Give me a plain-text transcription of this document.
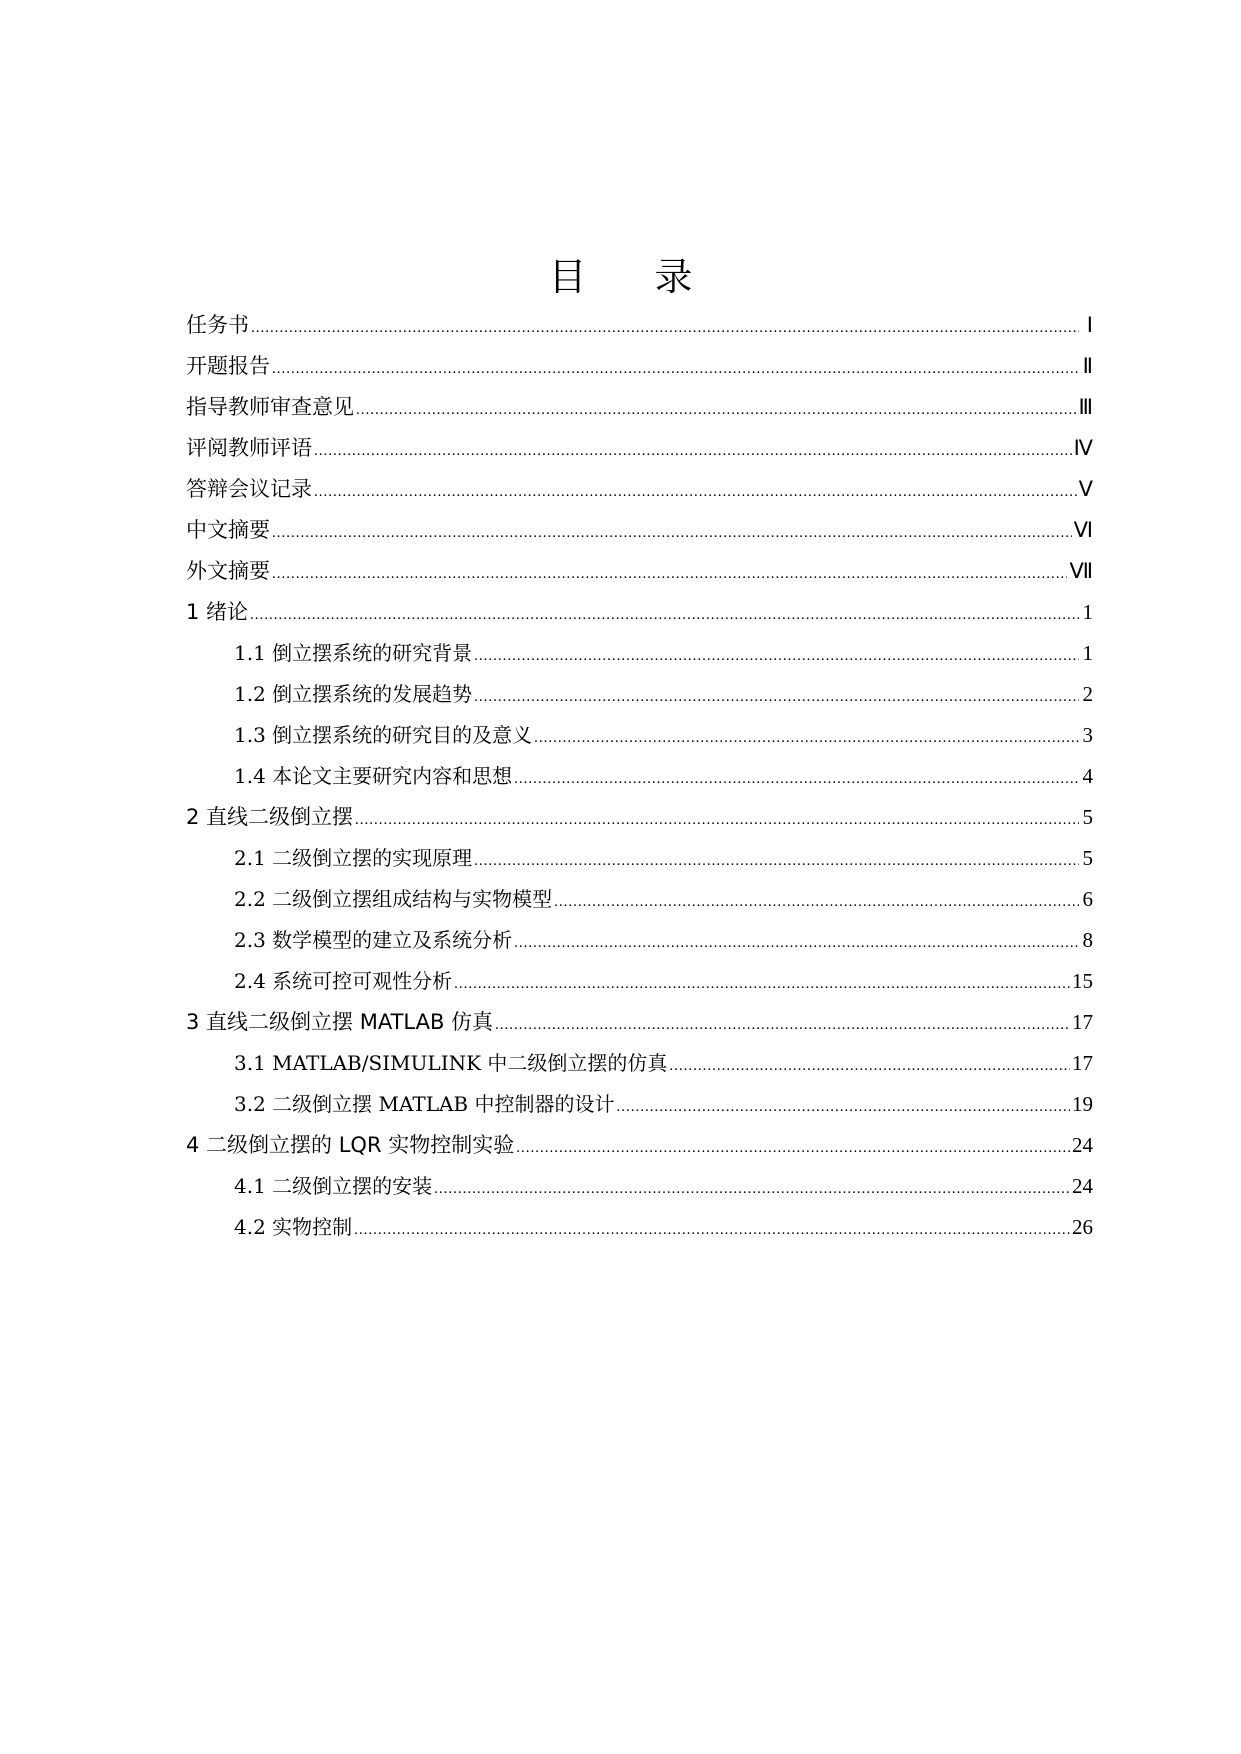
目 录
任务书 .....	Ⅰ
开题报告 .....	Ⅱ
指导教师审查意见 .....	Ⅲ
评阅教师评语 .....	Ⅳ
答辩会议记录 .....	Ⅴ
中文摘要 .....	Ⅵ
外文摘要 .....	Ⅶ
1 绪论 .....	1
1.1 倒立摆系统的研究背景 .....	1
1.2 倒立摆系统的发展趋势 .....	2
1.3 倒立摆系统的研究目的及意义 .....	3
1.4 本论文主要研究内容和思想 .....	4
2 直线二级倒立摆 .....	5
2.1 二级倒立摆的实现原理 .....	5
2.2 二级倒立摆组成结构与实物模型 .....	6
2.3 数学模型的建立及系统分析 .....	8
2.4 系统可控可观性分析 .....	15
3 直线二级倒立摆 MATLAB 仿真 .....	17
3.1 MATLAB/SIMULINK 中二级倒立摆的仿真 .....	17
3.2 二级倒立摆 MATLAB 中控制器的设计 .....	19
4 二级倒立摆的 LQR 实物控制实验 .....	24
4.1 二级倒立摆的安装 .....	24
4.2 实物控制 .....	26
